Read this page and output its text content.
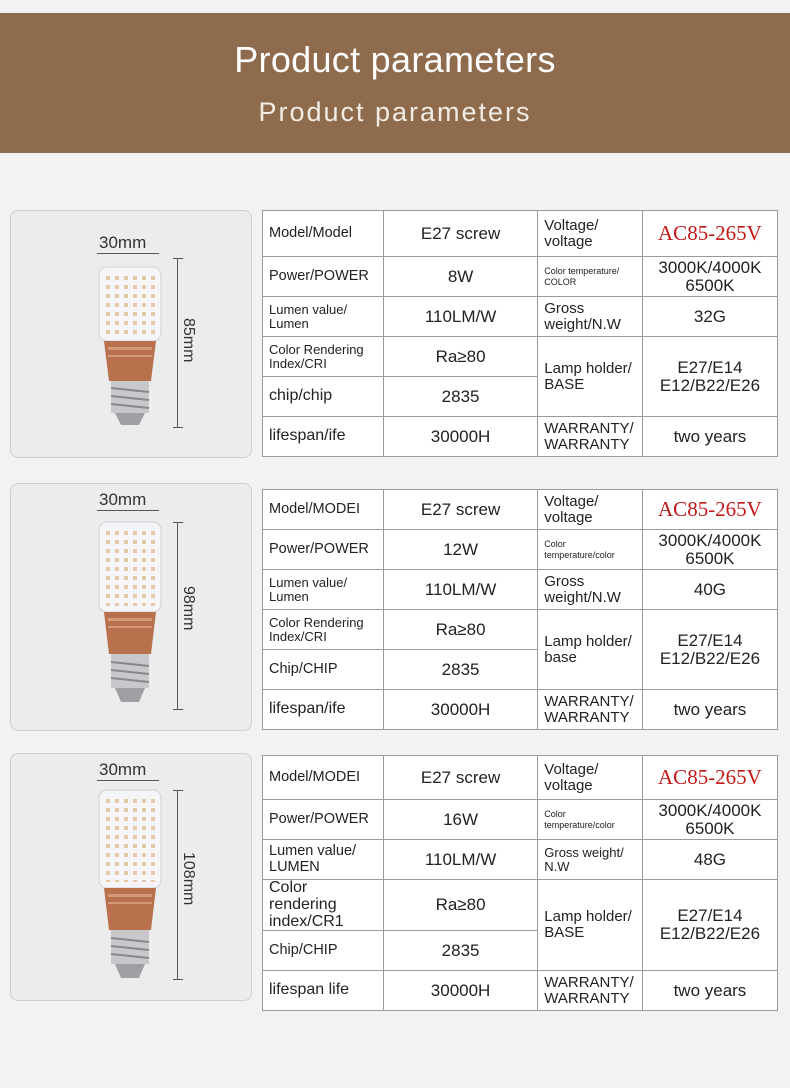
Product parameters
Product parameters
30mm
85mm
Model/Model	E27 screw	Voltage/ voltage	AC85-265V
Power/POWER	8W	Color temperature/ COLOR	3000K/4000K 6500K
Lumen value/ Lumen	110LM/W	Gross weight/N.W	32G
Color Rendering Index/CRI	Ra≥80	Lamp holder/ BASE	E27/E14 E12/B22/E26
chip/chip	2835		
lifespan/ife	30000H	WARRANTY/ WARRANTY	two years
30mm
98mm
Model/MODEI	E27 screw	Voltage/ voltage	AC85-265V
Power/POWER	12W	Color temperature/color	3000K/4000K 6500K
Lumen value/ Lumen	110LM/W	Gross weight/N.W	40G
Color Rendering Index/CRI	Ra≥80	Lamp holder/ base	E27/E14 E12/B22/E26
Chip/CHIP	2835		
lifespan/ife	30000H	WARRANTY/ WARRANTY	two years
30mm
108mm
Model/MODEI	E27 screw	Voltage/ voltage	AC85-265V
Power/POWER	16W	Color temperature/color	3000K/4000K 6500K
Lumen value/ LUMEN	110LM/W	Gross weight/ N.W	48G
Color rendering index/CR1	Ra≥80	Lamp holder/ BASE	E27/E14 E12/B22/E26
Chip/CHIP	2835		
lifespan life	30000H	WARRANTY/ WARRANTY	two years
